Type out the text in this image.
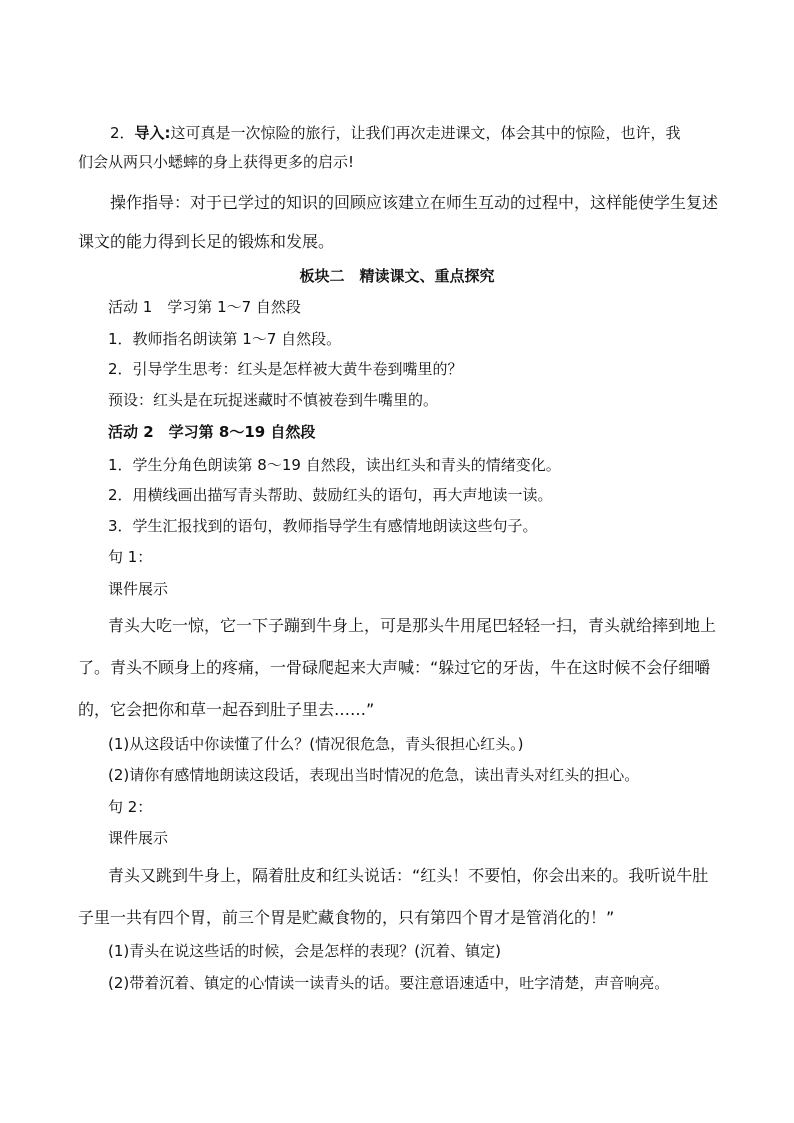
2．导入:这可真是一次惊险的旅行，让我们再次走进课文，体会其中的惊险，也许，我

们会从两只小蟋蟀的身上获得更多的启示!

操作指导：对于已学过的知识的回顾应该建立在师生互动的过程中，这样能使学生复述

课文的能力得到长足的锻炼和发展。

板块二　精读课文、重点探究

活动 1　学习第 1～7 自然段

1．教师指名朗读第 1～7 自然段。

2．引导学生思考：红头是怎样被大黄牛卷到嘴里的？

预设：红头是在玩捉迷藏时不慎被卷到牛嘴里的。

活动 2　学习第 8～19 自然段

1．学生分角色朗读第 8～19 自然段，读出红头和青头的情绪变化。

2．用横线画出描写青头帮助、鼓励红头的语句，再大声地读一读。

3．学生汇报找到的语句，教师指导学生有感情地朗读这些句子。

句 1：

课件展示

青头大吃一惊，它一下子蹦到牛身上，可是那头牛用尾巴轻轻一扫，青头就给摔到地上

了。青头不顾身上的疼痛，一骨碌爬起来大声喊：“躲过它的牙齿，牛在这时候不会仔细嚼

的，它会把你和草一起吞到肚子里去……”

(1)从这段话中你读懂了什么？(情况很危急，青头很担心红头。)

(2)请你有感情地朗读这段话，表现出当时情况的危急，读出青头对红头的担心。

句 2：

课件展示

青头又跳到牛身上，隔着肚皮和红头说话：“红头！不要怕，你会出来的。我听说牛肚

子里一共有四个胃，前三个胃是贮藏食物的，只有第四个胃才是管消化的！”

(1)青头在说这些话的时候，会是怎样的表现？(沉着、镇定)

(2)带着沉着、镇定的心情读一读青头的话。要注意语速适中，吐字清楚，声音响亮。
